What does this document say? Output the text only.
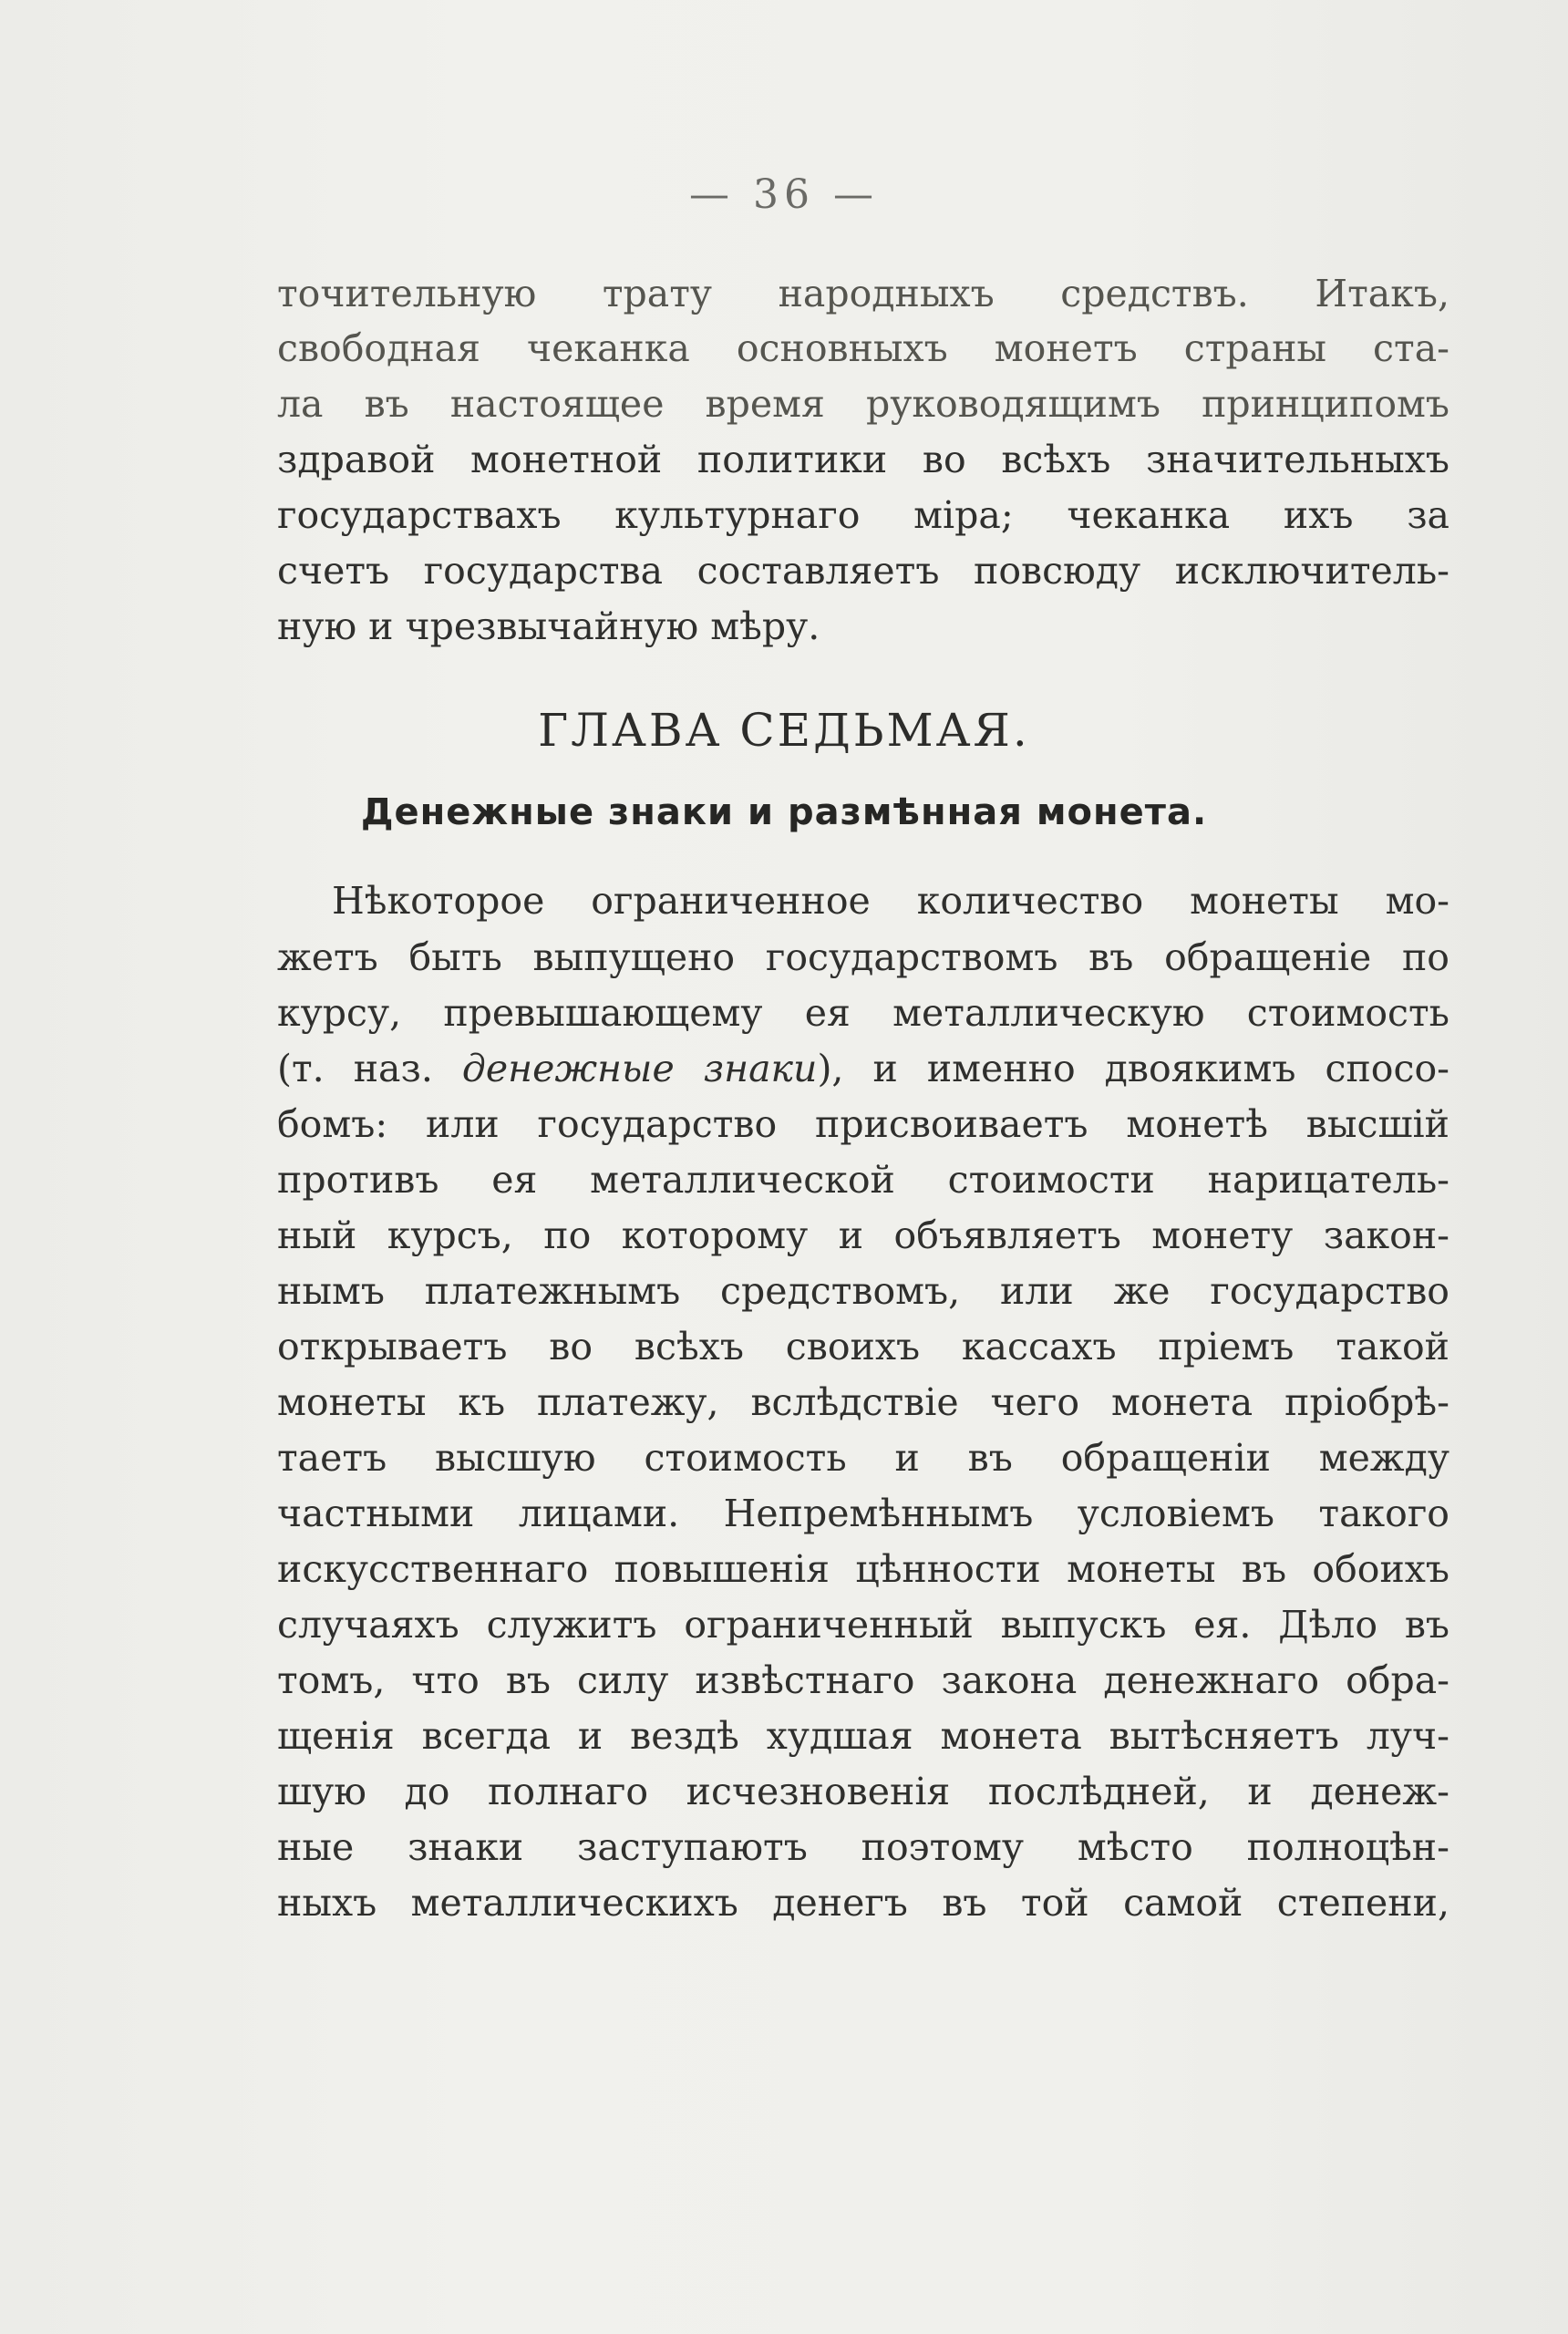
— 36 —
точительную трату народныхъ средствъ. Итакъ,
свободная чеканка основныхъ монетъ страны ста-
ла въ настоящее время руководящимъ принципомъ
здравой монетной политики во всѣхъ значительныхъ
государствахъ культурнаго міра; чеканка ихъ за
счетъ государства составляетъ повсюду исключитель-
ную и чрезвычайную мѣру.
ГЛАВА СЕДЬМАЯ.
Денежные знаки и размѣнная монета.
Нѣкоторое ограниченное количество монеты мо-
жетъ быть выпущено государствомъ въ обращеніе по
курсу, превышающему ея металлическую стоимость
(т. наз. денежные знаки), и именно двоякимъ спосо-
бомъ: или государство присвоиваетъ монетѣ высшій
противъ ея металлической стоимости нарицатель-
ный курсъ, по которому и объявляетъ монету закон-
нымъ платежнымъ средствомъ, или же государство
открываетъ во всѣхъ своихъ кассахъ пріемъ такой
монеты къ платежу, вслѣдствіе чего монета пріобрѣ-
таетъ высшую стоимость и въ обращеніи между
частными лицами. Непремѣннымъ условіемъ такого
искусственнаго повышенія цѣнности монеты въ обоихъ
случаяхъ служитъ ограниченный выпускъ ея. Дѣло въ
томъ, что въ силу извѣстнаго закона денежнаго обра-
щенія всегда и вездѣ худшая монета вытѣсняетъ луч-
шую до полнаго исчезновенія послѣдней, и денеж-
ные знаки заступаютъ поэтому мѣсто полноцѣн-
ныхъ металлическихъ денегъ въ той самой степени,
